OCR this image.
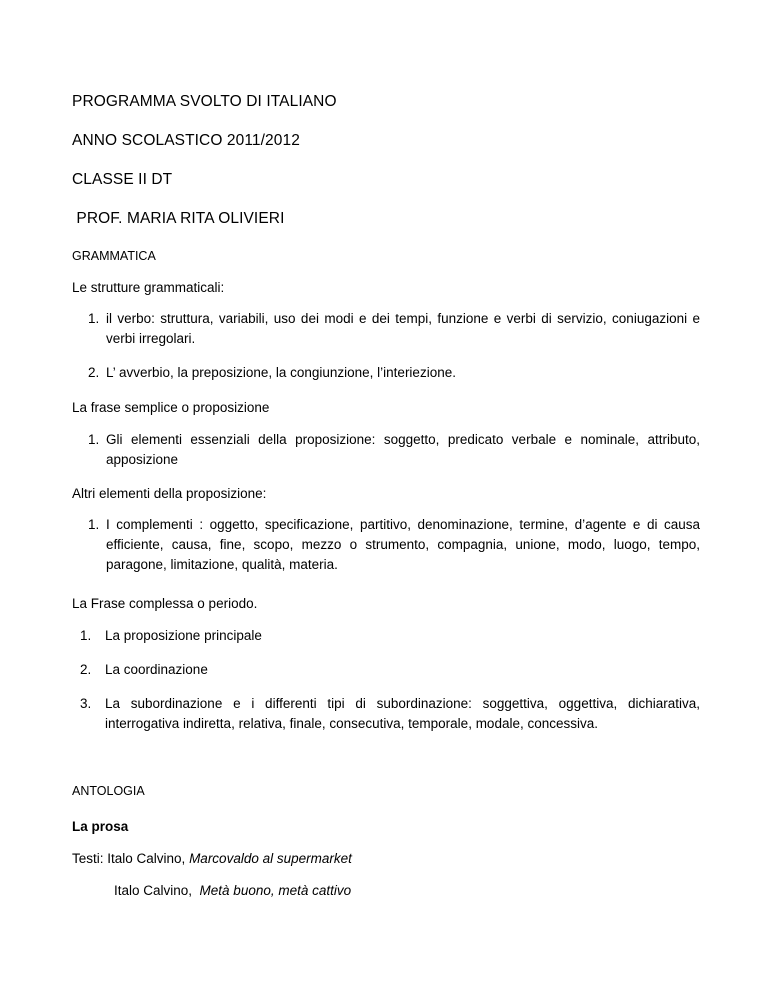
PROGRAMMA SVOLTO DI ITALIANO
ANNO SCOLASTICO 2011/2012
CLASSE II DT
PROF. MARIA RITA OLIVIERI
GRAMMATICA
Le strutture grammaticali:
1. il verbo: struttura, variabili, uso dei modi e dei tempi, funzione e verbi di servizio, coniugazioni e verbi irregolari.
2. L’ avverbio, la preposizione, la congiunzione, l’interiezione.
La frase semplice o proposizione
1. Gli elementi essenziali della proposizione: soggetto, predicato verbale e nominale, attributo, apposizione
Altri elementi della proposizione:
1. I complementi : oggetto, specificazione, partitivo, denominazione, termine, d’agente e di causa efficiente, causa, fine, scopo, mezzo o strumento, compagnia, unione, modo, luogo, tempo, paragone, limitazione, qualità, materia.
La Frase complessa o periodo.
1. La proposizione principale
2. La coordinazione
3. La subordinazione e i differenti tipi di subordinazione: soggettiva, oggettiva, dichiarativa, interrogativa indiretta, relativa, finale, consecutiva, temporale, modale, concessiva.
ANTOLOGIA
La prosa
Testi: Italo Calvino, Marcovaldo al supermarket
Italo Calvino,  Metà buono, metà cattivo
